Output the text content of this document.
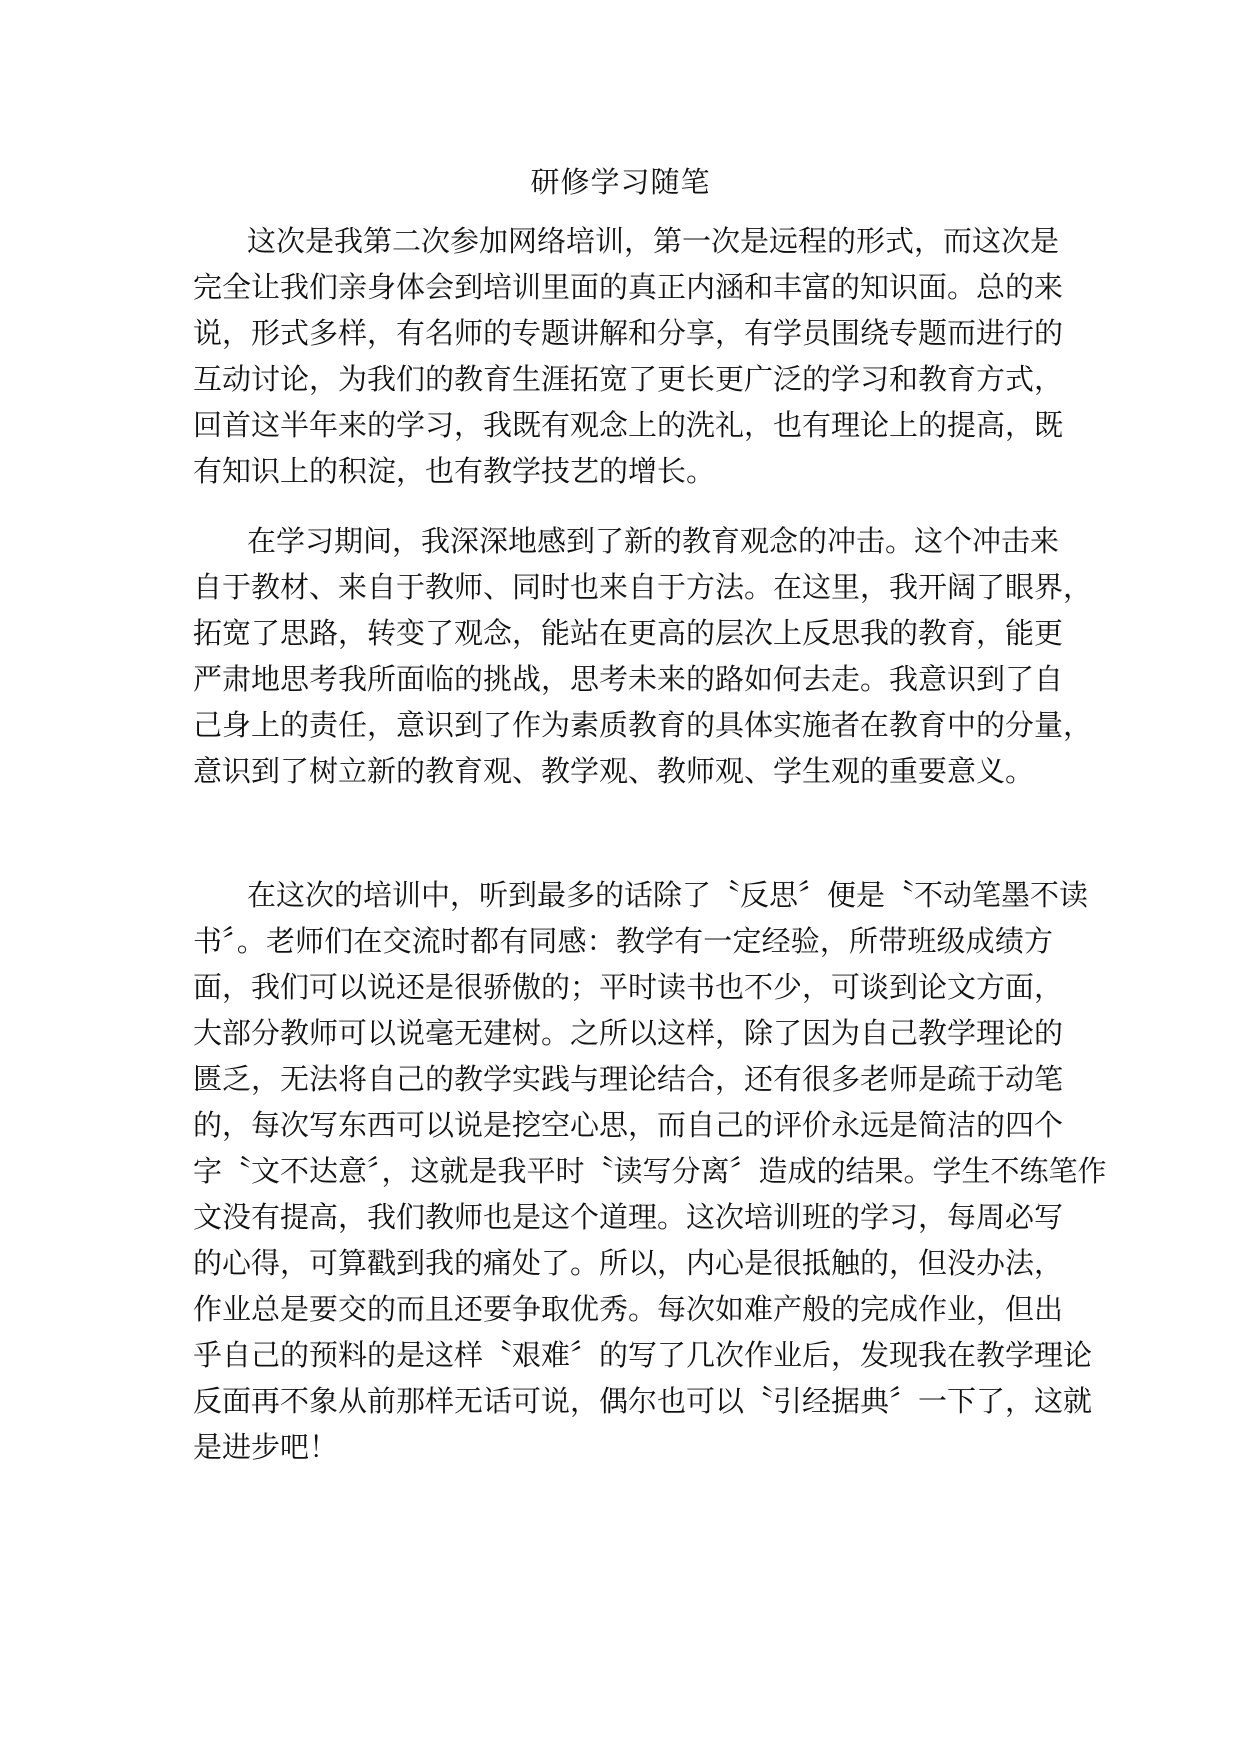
研修学习随笔
这次是我第二次参加网络培训，第一次是远程的形式，而这次是
完全让我们亲身体会到培训里面的真正内涵和丰富的知识面。总的来
说，形式多样，有名师的专题讲解和分享，有学员围绕专题而进行的
互动讨论，为我们的教育生涯拓宽了更长更广泛的学习和教育方式，
回首这半年来的学习，我既有观念上的洗礼，也有理论上的提高，既
有知识上的积淀，也有教学技艺的增长。
在学习期间，我深深地感到了新的教育观念的冲击。这个冲击来
自于教材、来自于教师、同时也来自于方法。在这里，我开阔了眼界，
拓宽了思路，转变了观念，能站在更高的层次上反思我的教育，能更
严肃地思考我所面临的挑战，思考未来的路如何去走。我意识到了自
己身上的责任，意识到了作为素质教育的具体实施者在教育中的分量，
意识到了树立新的教育观、教学观、教师观、学生观的重要意义。
在这次的培训中，听到最多的话除了〝反思〞便是〝不动笔墨不读
书〞。老师们在交流时都有同感：教学有一定经验，所带班级成绩方
面，我们可以说还是很骄傲的；平时读书也不少，可谈到论文方面，
大部分教师可以说毫无建树。之所以这样，除了因为自己教学理论的
匮乏，无法将自己的教学实践与理论结合，还有很多老师是疏于动笔
的，每次写东西可以说是挖空心思，而自己的评价永远是简洁的四个
字〝文不达意〞，这就是我平时〝读写分离〞造成的结果。学生不练笔作
文没有提高，我们教师也是这个道理。这次培训班的学习，每周必写
的心得，可算戳到我的痛处了。所以，内心是很抵触的，但没办法，
作业总是要交的而且还要争取优秀。每次如难产般的完成作业，但出
乎自己的预料的是这样〝艰难〞的写了几次作业后，发现我在教学理论
反面再不象从前那样无话可说，偶尔也可以〝引经据典〞一下了，这就
是进步吧！
